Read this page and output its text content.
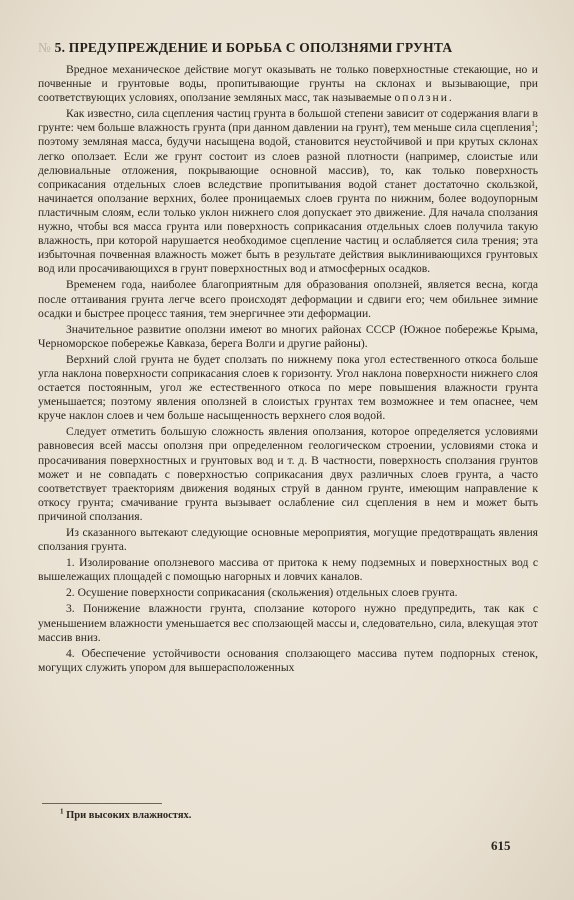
№ 5. ПРЕДУПРЕЖДЕНИЕ И БОРЬБА С ОПОЛЗНЯМИ ГРУНТА

Вредное механическое действие могут оказывать не только поверхностные стекающие, но и почвенные и грунтовые воды, пропитывающие грунты на склонах и вызывающие, при соответствующих условиях, оползание земляных масс, так называемые оползни.

Как известно, сила сцепления частиц грунта в большой степени зависит от содержания влаги в грунте: чем больше влажность грунта (при данном давлении на грунт), тем меньше сила сцепления$^1$; поэтому земляная масса, будучи насыщена водой, становится неустойчивой и при крутых склонах легко оползает. Если же грунт состоит из слоев разной плотности (например, слоистые или делювиальные отложения, покрывающие основной массив), то, как только поверхность соприкасания отдельных слоев вследствие пропитывания водой станет достаточно скользкой, начинается оползание верхних, более проницаемых слоев грунта по нижним, более водоупорным пластичным слоям, если только уклон нижнего слоя допускает это движение. Для начала сползания нужно, чтобы вся масса грунта или поверхность соприкасания отдельных слоев получила такую влажность, при которой нарушается необходимое сцепление частиц и ослабляется сила трения; эта избыточная почвенная влажность может быть в результате действия выклинивающихся грунтовых вод или просачивающихся в грунт поверхностных вод и атмосферных осадков.

Временем года, наиболее благоприятным для образования оползней, является весна, когда после оттаивания грунта легче всего происходят деформации и сдвиги его; чем обильнее зимние осадки и быстрее процесс таяния, тем энергичнее эти деформации.

Значительное развитие оползни имеют во многих районах СССР (Южное побережье Крыма, Черноморское побережье Кавказа, берега Волги и другие районы).

Верхний слой грунта не будет сползать по нижнему пока угол естественного откоса больше угла наклона поверхности соприкасания слоев к горизонту. Угол наклона поверхности нижнего слоя остается постоянным, угол же естественного откоса по мере повышения влажности грунта уменьшается; поэтому явления оползней в слоистых грунтах тем возможнее и тем опаснее, чем круче наклон слоев и чем больше насыщенность верхнего слоя водой.

Следует отметить большую сложность явления оползания, которое определяется условиями равновесия всей массы оползня при определенном геологическом строении, условиями стока и просачивания поверхностных и грунтовых вод и т. д. В частности, поверхность сползания грунтов может и не совпадать с поверхностью соприкасания двух различных слоев грунта, а часто соответствует траекториям движения водяных струй в данном грунте, имеющим направление к откосу грунта; смачивание грунта вызывает ослабление сил сцепления в нем и может быть причиной сползания.

Из сказанного вытекают следующие основные мероприятия, могущие предотвращать явления сползания грунта.

1. Изолирование оползневого массива от притока к нему подземных и поверхностных вод с вышележащих площадей с помощью нагорных и ловчих каналов.

2. Осушение поверхности соприкасания (скольжения) отдельных слоев грунта.

3. Понижение влажности грунта, сползание которого нужно предупредить, так как с уменьшением влажности уменьшается вес сползающей массы и, следовательно, сила, влекущая этот массив вниз.

4. Обеспечение устойчивости основания сползающего массива путем подпорных стенок, могущих служить упором для вышерасположенных

$^1$ При высоких влажностях.
615
